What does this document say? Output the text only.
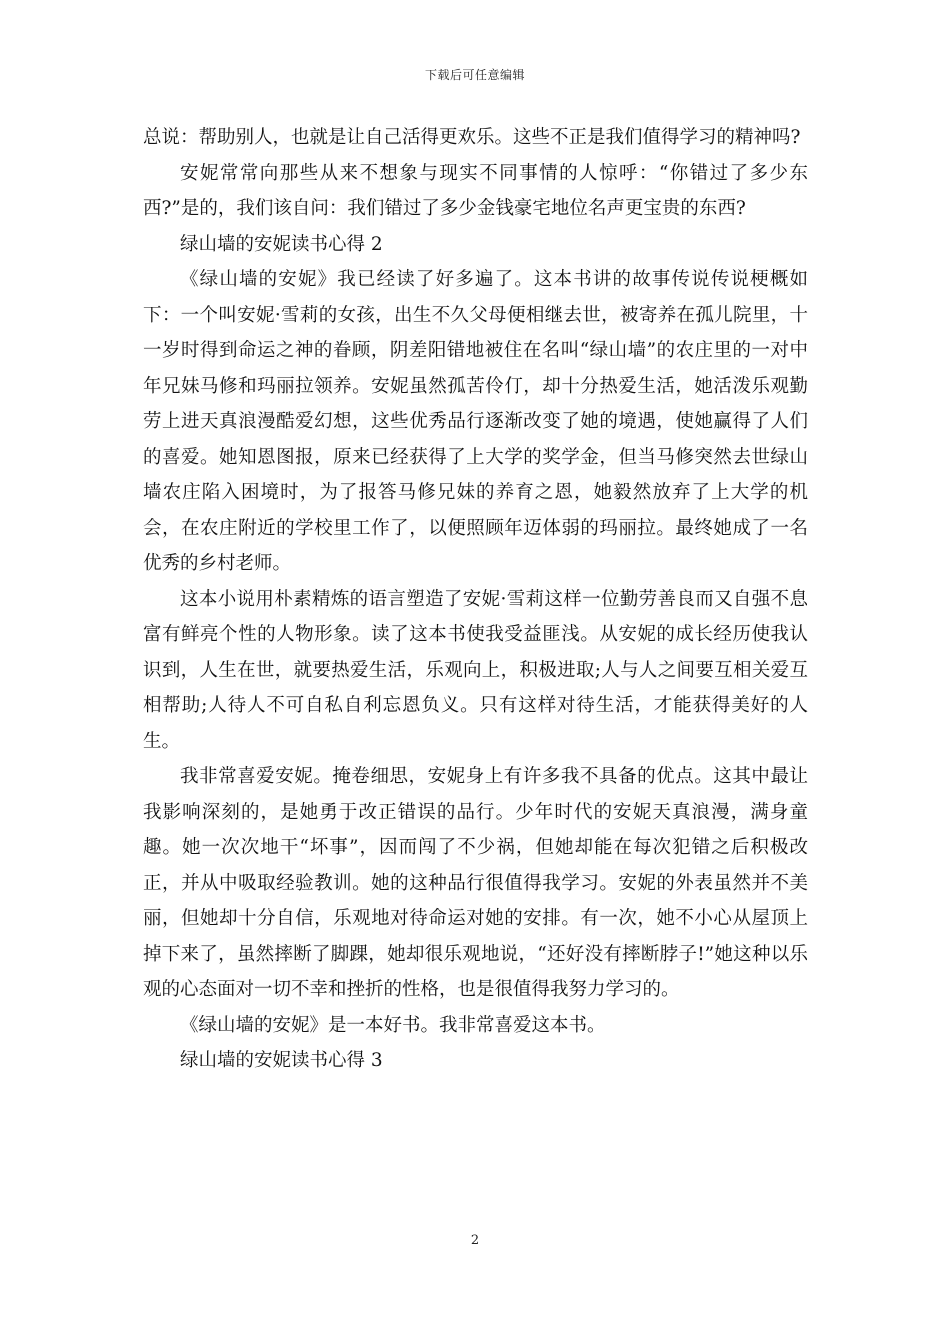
下载后可任意编辑

总说：帮助别人，也就是让自己活得更欢乐。这些不正是我们值得学习的精神吗?

安妮常常向那些从来不想象与现实不同事情的人惊呼：“你错过了多少东西?”是的，我们该自问：我们错过了多少金钱豪宅地位名声更宝贵的东西?

绿山墙的安妮读书心得 2

《绿山墙的安妮》我已经读了好多遍了。这本书讲的故事传说传说梗概如下：一个叫安妮·雪莉的女孩，出生不久父母便相继去世，被寄养在孤儿院里，十一岁时得到命运之神的眷顾，阴差阳错地被住在名叫“绿山墙”的农庄里的一对中年兄妹马修和玛丽拉领养。安妮虽然孤苦伶仃，却十分热爱生活，她活泼乐观勤劳上进天真浪漫酷爱幻想，这些优秀品行逐渐改变了她的境遇，使她赢得了人们的喜爱。她知恩图报，原来已经获得了上大学的奖学金，但当马修突然去世绿山墙农庄陷入困境时，为了报答马修兄妹的养育之恩，她毅然放弃了上大学的机会，在农庄附近的学校里工作了，以便照顾年迈体弱的玛丽拉。最终她成了一名优秀的乡村老师。

这本小说用朴素精炼的语言塑造了安妮·雪莉这样一位勤劳善良而又自强不息富有鲜亮个性的人物形象。读了这本书使我受益匪浅。从安妮的成长经历使我认识到，人生在世，就要热爱生活，乐观向上，积极进取;人与人之间要互相关爱互相帮助;人待人不可自私自利忘恩负义。只有这样对待生活，才能获得美好的人生。

我非常喜爱安妮。掩卷细思，安妮身上有许多我不具备的优点。这其中最让我影响深刻的，是她勇于改正错误的品行。少年时代的安妮天真浪漫，满身童趣。她一次次地干“坏事”，因而闯了不少祸，但她却能在每次犯错之后积极改正，并从中吸取经验教训。她的这种品行很值得我学习。安妮的外表虽然并不美丽，但她却十分自信，乐观地对待命运对她的安排。有一次，她不小心从屋顶上掉下来了，虽然摔断了脚踝，她却很乐观地说，“还好没有摔断脖子!”她这种以乐观的心态面对一切不幸和挫折的性格，也是很值得我努力学习的。

《绿山墙的安妮》是一本好书。我非常喜爱这本书。

绿山墙的安妮读书心得 3

2
